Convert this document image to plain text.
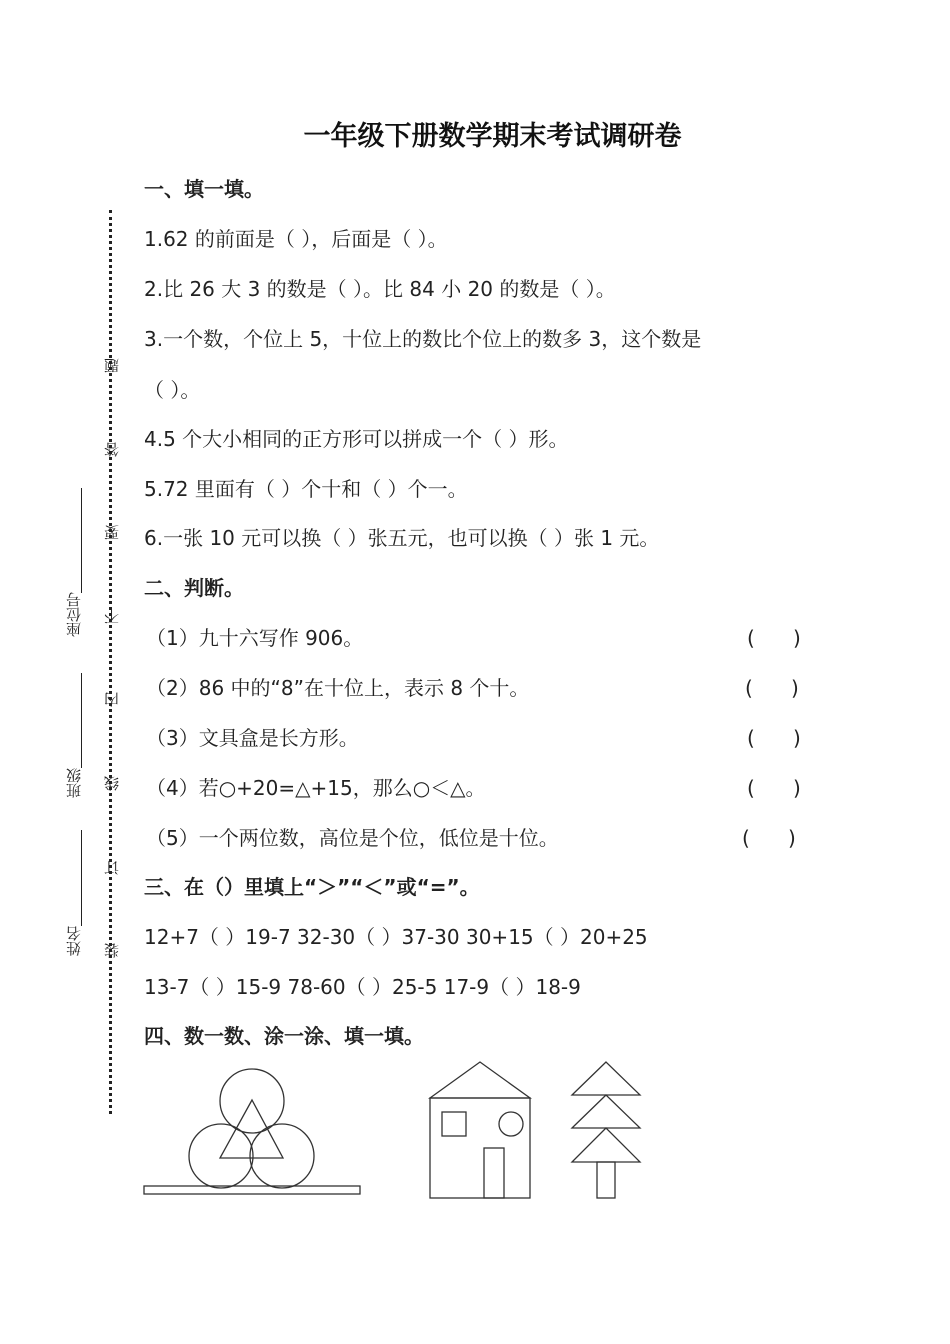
一年级下册数学期末考试调研卷
题
答
要
不
内
线
订
装
座位号
班级
姓名
一、填一填。
1.62 的前面是（ ），后面是（ ）。
2.比 26 大 3 的数是（ ）。比 84 小 20 的数是（ ）。
3.一个数，个位上 5，十位上的数比个位上的数多 3，这个数是
（ ）。
4.5 个大小相同的正方形可以拼成一个（ ）形。
5.72 里面有（ ）个十和（ ）个一。
6.一张 10 元可以换（ ）张五元，也可以换（ ）张 1 元。
二、判断。
（1）九十六写作 906。	(      )
（2）86 中的“8”在十位上，表示 8 个十。	(      )
（3）文具盒是长方形。	(      )
（4）若○+20=△+15，那么○＜△。	(      )
（5）一个两位数，高位是个位，低位是十位。	(      )
三、在（）里填上“＞”“＜”或“=”。
12+7（ ）19-7 32-30（ ）37-30 30+15（ ）20+25
13-7（ ）15-9 78-60（ ）25-5 17-9（ ）18-9
四、数一数、涂一涂、填一填。
